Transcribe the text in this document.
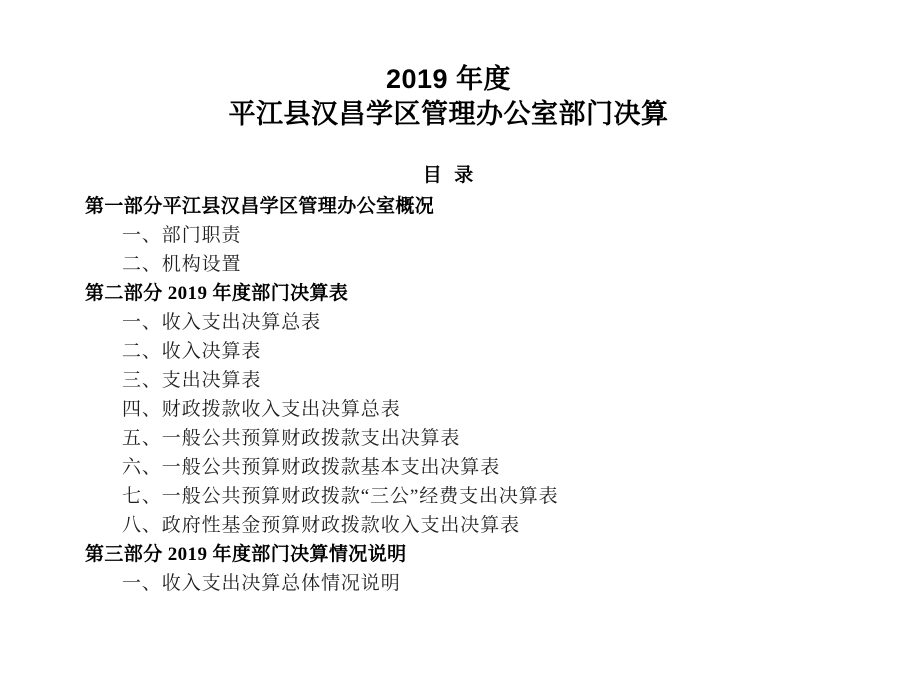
2019 年度
平江县汉昌学区管理办公室部门决算
目  录
第一部分平江县汉昌学区管理办公室概况
一、部门职责
二、机构设置
第二部分 2019 年度部门决算表
一、收入支出决算总表
二、收入决算表
三、支出决算表
四、财政拨款收入支出决算总表
五、一般公共预算财政拨款支出决算表
六、一般公共预算财政拨款基本支出决算表
七、一般公共预算财政拨款“三公”经费支出决算表
八、政府性基金预算财政拨款收入支出决算表
第三部分 2019 年度部门决算情况说明
一、收入支出决算总体情况说明
